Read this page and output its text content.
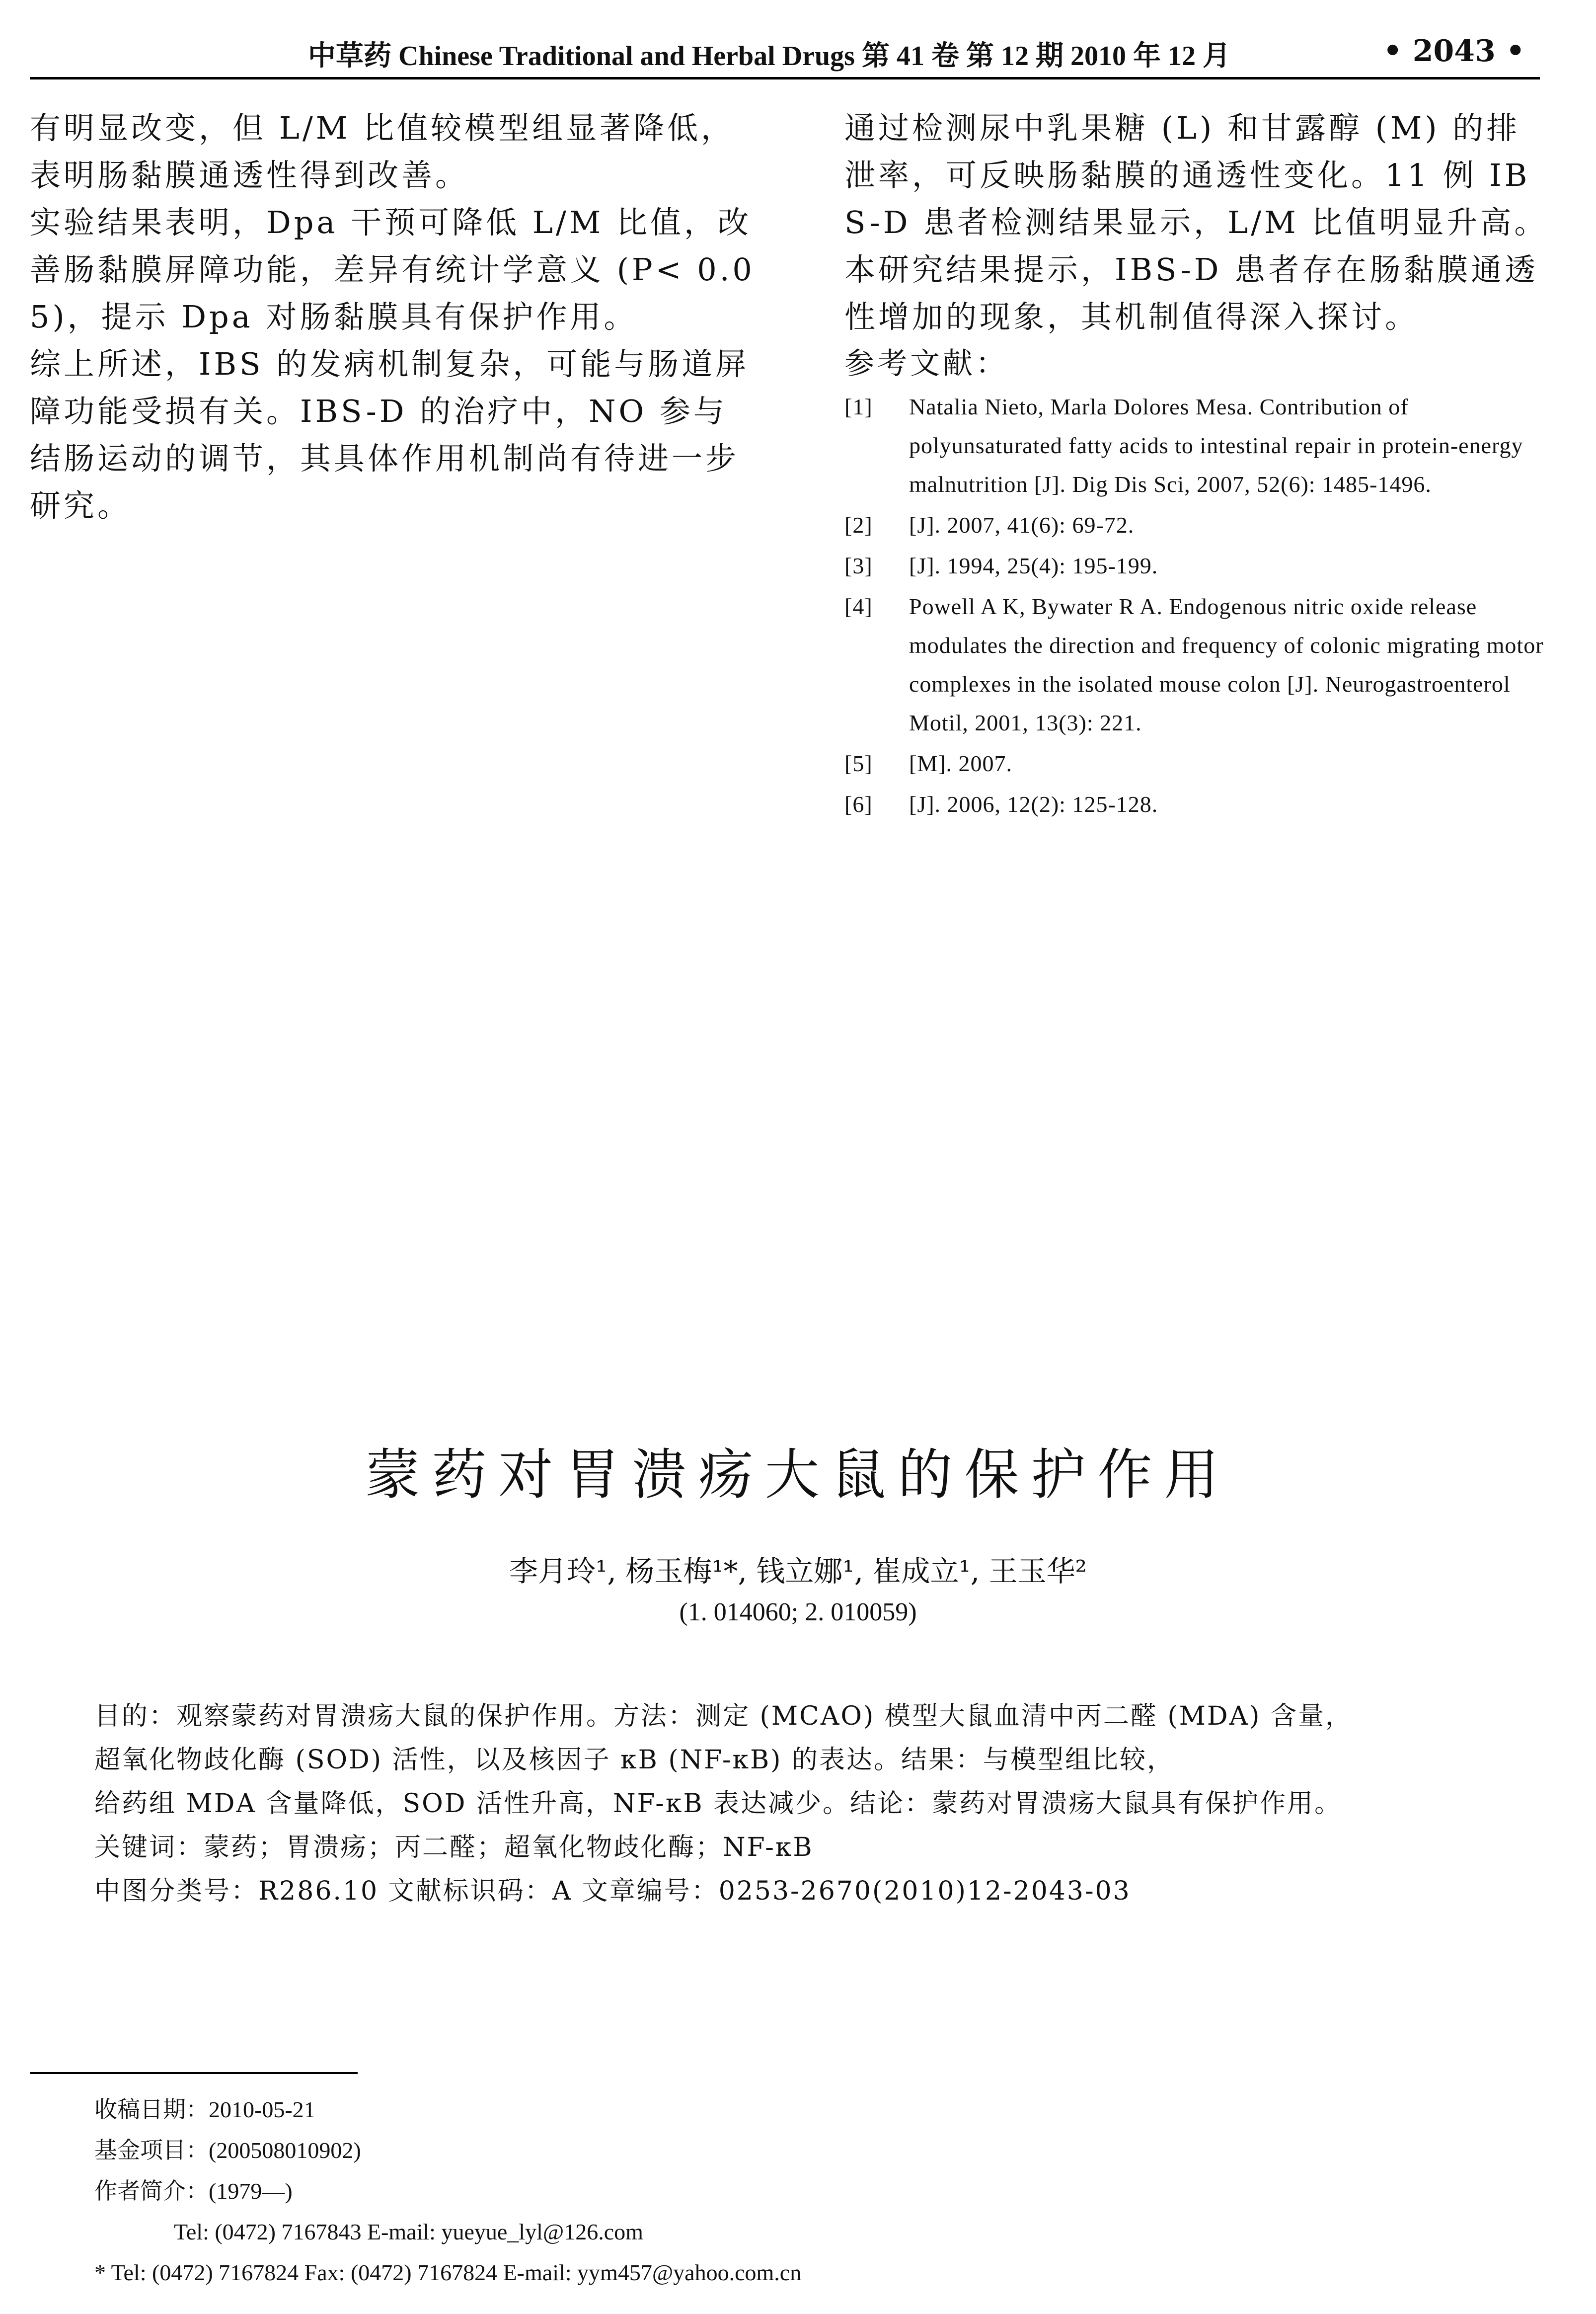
中草药 Chinese Traditional and Herbal Drugs 第 41 卷 第 12 期 2010 年 12 月	• 2043 •

有明显改变，但 L/M 比值较模型组显著降低，表明肠黏膜通透性得到改善。

实验结果表明，Dpa 干预可降低 L/M 比值，改善肠黏膜屏障功能，差异有统计学意义 (P< 0.05)，提示 Dpa 对肠黏膜具有保护作用。

综上所述，IBS 的发病机制复杂，可能与肠道屏障功能受损有关。IBS-D 的治疗中，NO 参与结肠运动的调节，其具体作用机制尚有待进一步研究。

通过检测尿中乳果糖 (L) 和甘露醇 (M) 的排泄率，可反映肠黏膜的通透性变化。11 例 IBS-D 患者检测结果显示，L/M 比值明显升高。

本研究结果提示，IBS-D 患者存在肠黏膜通透性增加的现象，其机制值得深入探讨。

参考文献：

[1] Natalia Nieto, Marla Dolores Mesa. Contribution of polyunsaturated fatty acids to intestinal repair in protein-energy malnutrition [J]. Dig Dis Sci, 2007, 52(6): 1485-1496.
[2] [J]. 2007, 41(6): 69-72.
[3] [J]. 1994, 25(4): 195-199.
[4] Powell A K, Bywater R A. Endogenous nitric oxide release modulates the direction and frequency of colonic migrating motor complexes in the isolated mouse colon [J]. Neurogastroenterol Motil, 2001, 13(3): 221.
[5] [M]. 2007.
[6] [J]. 2006, 12(2): 125-128.
蒙药对胃溃疡大鼠的保护作用
李月玲¹, 杨玉梅¹*, 钱立娜¹, 崔成立¹, 王玉华²
(1. 014060; 2. 010059)

目的：观察蒙药对胃溃疡大鼠的保护作用。方法：测定 (MCAO) 模型大鼠血清中丙二醛 (MDA) 含量，

超氧化物歧化酶 (SOD) 活性，以及核因子 κB (NF-κB) 的表达。结果：与模型组比较，

给药组 MDA 含量降低，SOD 活性升高，NF-κB 表达减少。结论：蒙药对胃溃疡大鼠具有保护作用。

关键词：蒙药；胃溃疡；丙二醛；超氧化物歧化酶；NF-κB

中图分类号：R286.10 文献标识码：A 文章编号：0253-2670(2010)12-2043-03

收稿日期：2010-05-21

基金项目：(200508010902)

作者简介：(1979—)

Tel: (0472) 7167843 E-mail: yueyue_lyl@126.com

* Tel: (0472) 7167824 Fax: (0472) 7167824 E-mail: yym457@yahoo.com.cn
